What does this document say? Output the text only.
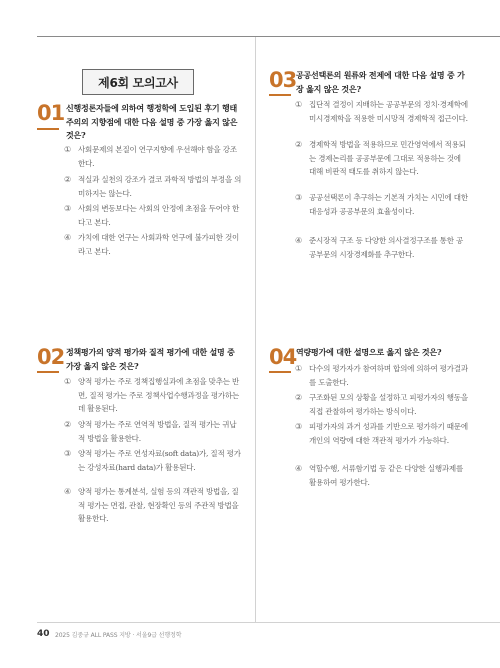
제6회 모의고사
01 신행정론자들에 의하여 행정학에 도입된 후기 행태주의의 지향점에 대한 다음 설명 중 가장 옳지 않은 것은?
① 사회문제의 본질이 연구지향에 우선해야 함을 강조한다.
② 적실과 실천의 강조가 결코 과학적 방법의 부정을 의미하지는 않는다.
③ 사회의 변동보다는 사회의 안정에 초점을 두어야 한다고 본다.
④ 가치에 대한 연구는 사회과학 연구에 불가피한 것이라고 본다.
02 정책평가의 양적 평가와 질적 평가에 대한 설명 중 가장 옳지 않은 것은?
① 양적 평가는 주로 정책집행실과에 초점을 맞추는 반면, 질적 평가는 주로 정책사업수행과정을 평가하는데 활용된다.
② 양적 평가는 주로 연역적 방법을, 질적 평가는 귀납적 방법을 활용한다.
③ 양적 평가는 주로 연성자료(soft data)가, 질적 평가는 강성자료(hard data)가 활용된다.
④ 양적 평가는 통계분석, 실험 등의 객관적 방법을, 질적 평가는 면접, 관찰, 현장확인 등의 주관적 방법을 활용한다.
03 공공선택론의 원류와 전제에 대한 다음 설명 중 가장 옳지 않은 것은?
① 집단적 결정이 지배하는 공공부문의 정치·경제학에 미시경제학을 적용한 미시망적 경제학적 접근이다.
② 경제학적 방법을 적용하므로 민간영역에서 적용되는 경제논리를 공공부문에 그대로 적용하는 것에 대해 비판적 태도를 취하지 않는다.
③ 공공선택론이 추구하는 기본적 가치는 시민에 대한 대응성과 공공부문의 효율성이다.
④ 준시장적 구조 등 다양한 의사결정구조를 통한 공공부문의 시장경제화를 추구한다.
04 역량평가에 대한 설명으로 옳지 않은 것은?
① 다수의 평가자가 참여하며 합의에 의하여 평가결과를 도출한다.
② 구조화된 모의 상황을 설정하고 피평가자의 행동을 직접 관찰하여 평가하는 방식이다.
③ 피평가자의 과거 성과를 기반으로 평가하기 때문에 개인의 역량에 대한 객관적 평가가 가능하다.
④ 역할수행, 서류함기법 등 같은 다양한 실행과제를 활용하여 평가한다.
40 2025 김중규 ALL PASS 지방 · 서울9급 선행정학
